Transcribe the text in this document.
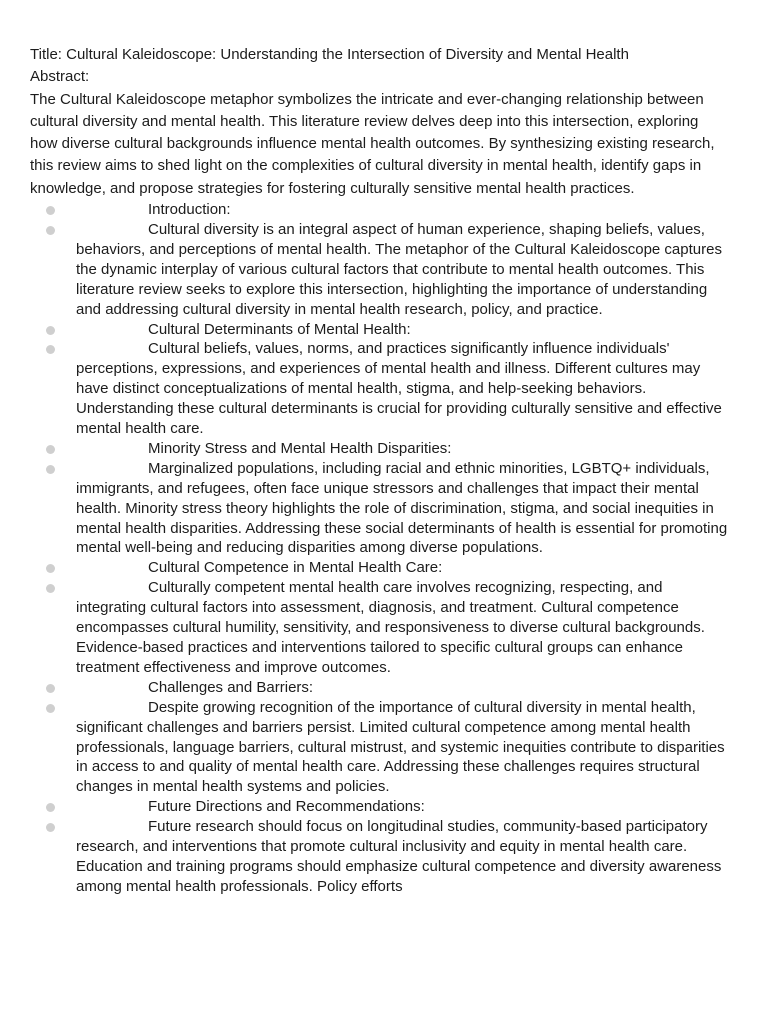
Title: Cultural Kaleidoscope: Understanding the Intersection of Diversity and Mental Health

Abstract:

The Cultural Kaleidoscope metaphor symbolizes the intricate and ever-changing relationship between cultural diversity and mental health. This literature review delves deep into this intersection, exploring how diverse cultural backgrounds influence mental health outcomes. By synthesizing existing research, this review aims to shed light on the complexities of cultural diversity in mental health, identify gaps in knowledge, and propose strategies for fostering culturally sensitive mental health practices.

Introduction:
Cultural diversity is an integral aspect of human experience, shaping beliefs, values, behaviors, and perceptions of mental health. The metaphor of the Cultural Kaleidoscope captures the dynamic interplay of various cultural factors that contribute to mental health outcomes. This literature review seeks to explore this intersection, highlighting the importance of understanding and addressing cultural diversity in mental health research, policy, and practice.
Cultural Determinants of Mental Health:
Cultural beliefs, values, norms, and practices significantly influence individuals' perceptions, expressions, and experiences of mental health and illness. Different cultures may have distinct conceptualizations of mental health, stigma, and help-seeking behaviors. Understanding these cultural determinants is crucial for providing culturally sensitive and effective mental health care.
Minority Stress and Mental Health Disparities:
Marginalized populations, including racial and ethnic minorities, LGBTQ+ individuals, immigrants, and refugees, often face unique stressors and challenges that impact their mental health. Minority stress theory highlights the role of discrimination, stigma, and social inequities in mental health disparities. Addressing these social determinants of health is essential for promoting mental well-being and reducing disparities among diverse populations.
Cultural Competence in Mental Health Care:
Culturally competent mental health care involves recognizing, respecting, and integrating cultural factors into assessment, diagnosis, and treatment. Cultural competence encompasses cultural humility, sensitivity, and responsiveness to diverse cultural backgrounds. Evidence-based practices and interventions tailored to specific cultural groups can enhance treatment effectiveness and improve outcomes.
Challenges and Barriers:
Despite growing recognition of the importance of cultural diversity in mental health, significant challenges and barriers persist. Limited cultural competence among mental health professionals, language barriers, cultural mistrust, and systemic inequities contribute to disparities in access to and quality of mental health care. Addressing these challenges requires structural changes in mental health systems and policies.
Future Directions and Recommendations:
Future research should focus on longitudinal studies, community-based participatory research, and interventions that promote cultural inclusivity and equity in mental health care. Education and training programs should emphasize cultural competence and diversity awareness among mental health professionals. Policy efforts
